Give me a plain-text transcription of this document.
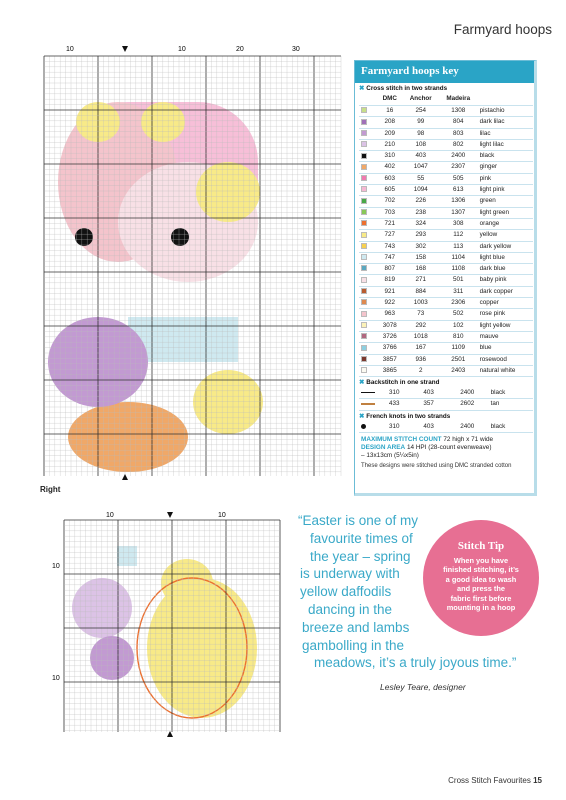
Farmyard hoops
10	10	20	30
Right
10	10
10
10
Farmyard hoops key
✖ Cross stitch in two strands
	DMC	Anchor	Madeira	
	16	254	1308	pistachio
	208	99	804	dark lilac
	209	98	803	lilac
	210	108	802	light lilac
	310	403	2400	black
	402	1047	2307	ginger
	603	55	505	pink
	605	1094	613	light pink
	702	226	1306	green
	703	238	1307	light green
	721	324	308	orange
	727	293	112	yellow
	743	302	113	dark yellow
	747	158	1104	light blue
	807	168	1108	dark blue
	819	271	501	baby pink
	921	884	311	dark copper
	922	1003	2306	copper
	963	73	502	rose pink
	3078	292	102	light yellow
	3726	1018	810	mauve
	3766	167	1109	blue
	3857	936	2501	rosewood
	3865	2	2403	natural white
✖ Backstitch in one strand
	310	403	2400	black
	433	357	2602	tan
✖ French knots in two strands
	310	403	2400	black
MAXIMUM STITCH COUNT 72 high x 71 wide
DESIGN AREA 14 HPI (28-count evenweave)
– 13x13cm (5¼x5in)
These designs were stitched using DMC stranded cotton
“Easter is one of my
favourite times of
the year – spring
is underway with
yellow daffodils
dancing in the
breeze and lambs
gambolling in the
meadows, it’s a truly joyous time.”
Lesley Teare, designer
Stitch Tip
When you have
finished stitching, it’s
a good idea to wash
and press the
fabric first before
mounting in a hoop
Cross Stitch Favourites 15
